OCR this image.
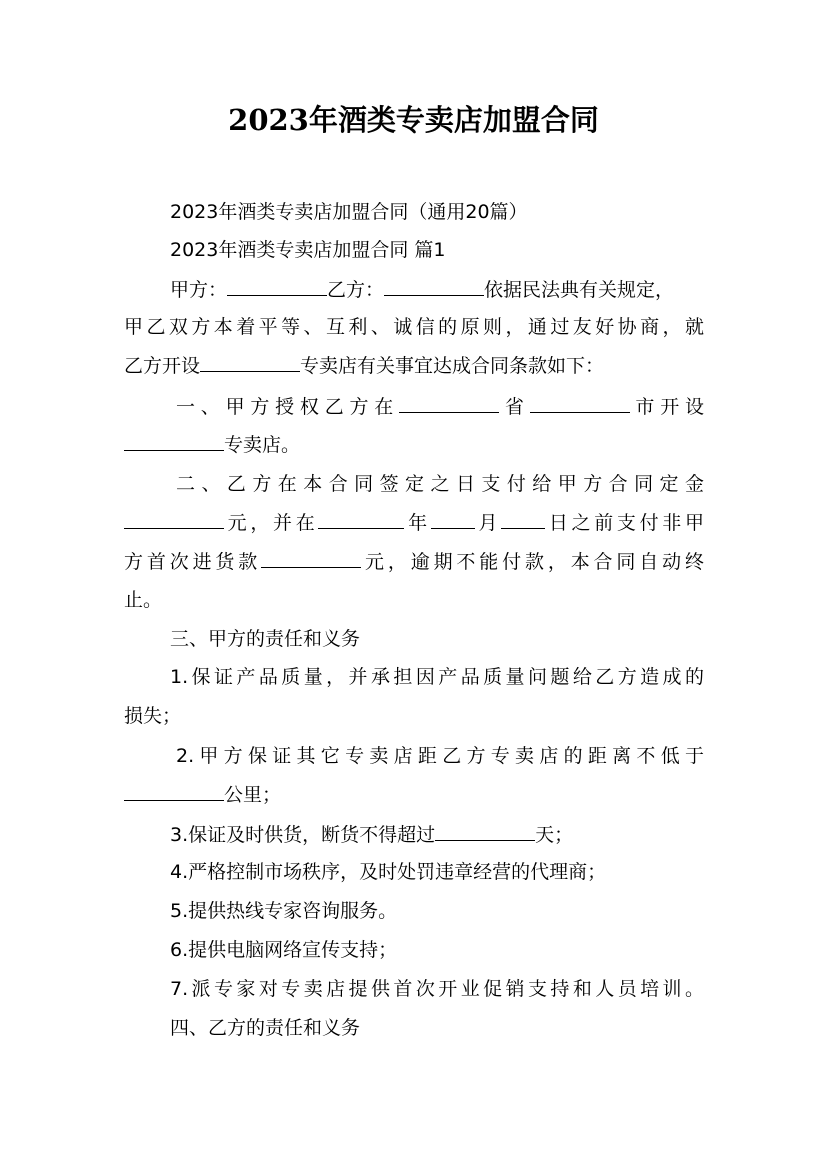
2023年酒类专卖店加盟合同
2023年酒类专卖店加盟合同（通用20篇）
2023年酒类专卖店加盟合同 篇1
甲方：	乙方：	依据民法典有关规定，
甲乙双方本着平等、互利、诚信的原则，通过友好协商，就
乙方开设	专卖店有关事宜达成合同条款如下：
一、甲方授权乙方在	省	市开设
专卖店。
二、乙方在本合同签定之日支付给甲方合同定金
元，并在	年 月 日之前支付非甲
方首次进货款	元，逾期不能付款，本合同自动终
止。
三、甲方的责任和义务
1.保证产品质量，并承担因产品质量问题给乙方造成的
损失；
2.甲方保证其它专卖店距乙方专卖店的距离不低于
公里；
3.保证及时供货，断货不得超过	天；
4.严格控制市场秩序，及时处罚违章经营的代理商；
5.提供热线专家咨询服务。
6.提供电脑网络宣传支持；
7.派专家对专卖店提供首次开业促销支持和人员培训。
四、乙方的责任和义务
